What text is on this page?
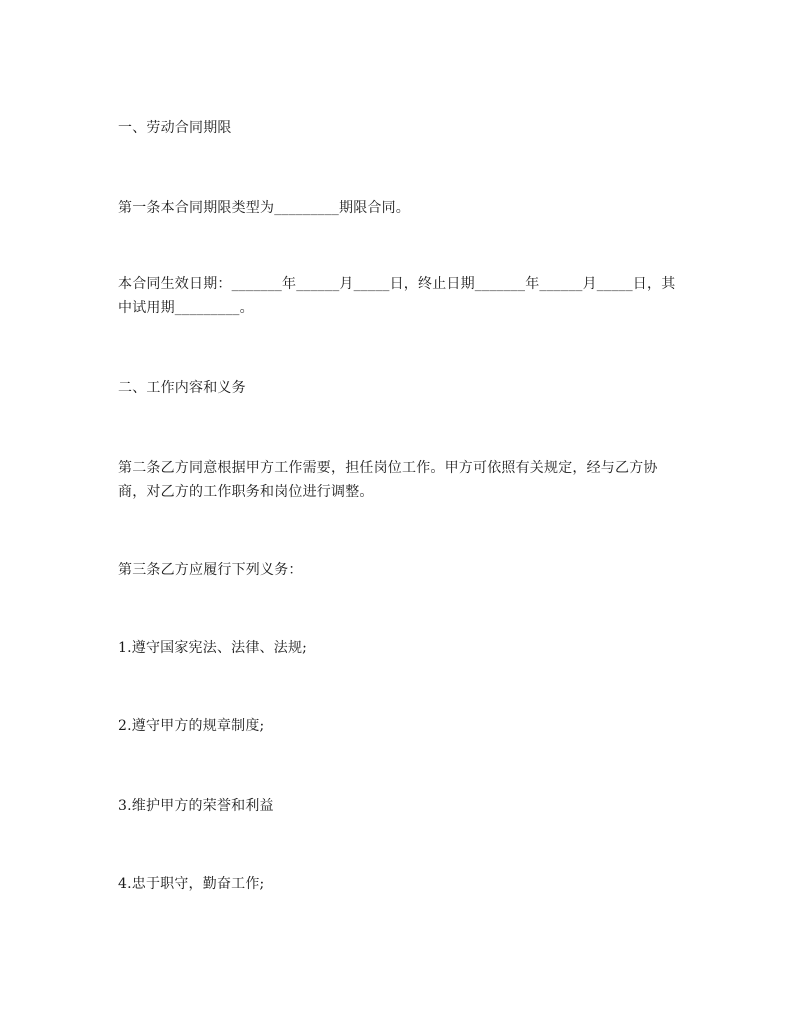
一、劳动合同期限

第一条本合同期限类型为_________期限合同。

本合同生效日期：_______年______月_____日，终止日期_______年______月_____日，其中试用期_________。

二、工作内容和义务

第二条乙方同意根据甲方工作需要，担任岗位工作。甲方可依照有关规定，经与乙方协商，对乙方的工作职务和岗位进行调整。

第三条乙方应履行下列义务：

1.遵守国家宪法、法律、法规;

2.遵守甲方的规章制度;

3.维护甲方的荣誉和利益

4.忠于职守，勤奋工作;
